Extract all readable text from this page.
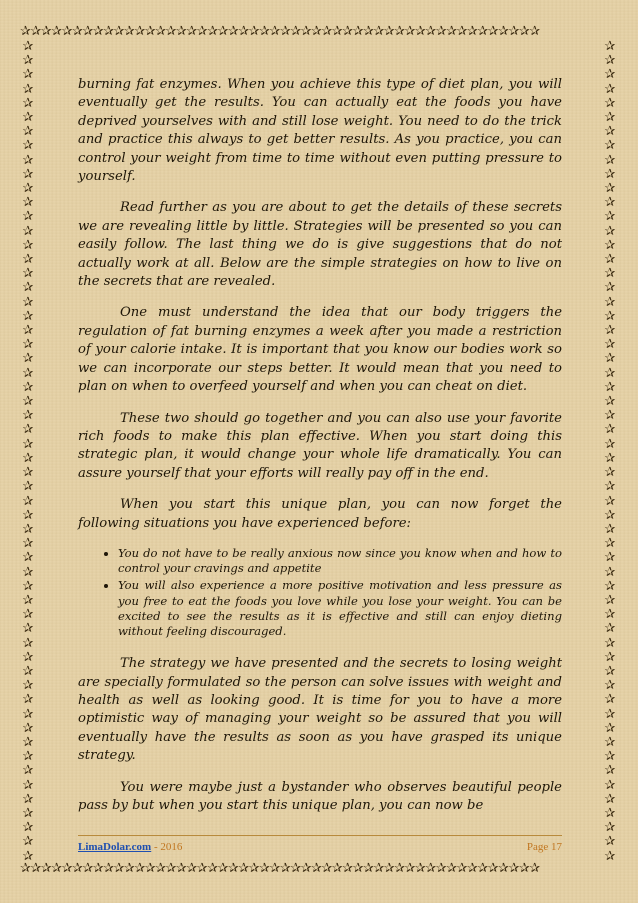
✰✰✰✰✰✰✰✰✰✰✰✰✰✰✰✰✰✰✰✰✰✰✰✰✰✰✰✰✰✰✰✰✰✰✰✰✰✰✰✰✰✰✰✰✰✰✰✰✰✰
✰
✰
✰
✰
✰
✰
✰
✰
✰
✰
✰
✰
✰
✰
✰
✰
✰
✰
✰
✰
✰
✰
✰
✰
✰
✰
✰
✰
✰
✰
✰
✰
✰
✰
✰
✰
✰
✰
✰
✰
✰
✰
✰
✰
✰
✰
✰
✰
✰
✰
✰
✰
✰
✰
✰
✰
✰
✰

✰
✰
✰
✰
✰
✰
✰
✰
✰
✰
✰
✰
✰
✰
✰
✰
✰
✰
✰
✰
✰
✰
✰
✰
✰
✰
✰
✰
✰
✰
✰
✰
✰
✰
✰
✰
✰
✰
✰
✰
✰
✰
✰
✰
✰
✰
✰
✰
✰
✰
✰
✰
✰
✰
✰
✰
✰
✰

✰✰✰✰✰✰✰✰✰✰✰✰✰✰✰✰✰✰✰✰✰✰✰✰✰✰✰✰✰✰✰✰✰✰✰✰✰✰✰✰✰✰✰✰✰✰✰✰✰✰

burning fat enzymes. When you achieve this type of diet plan, you will eventually get the results. You can actually eat the foods you have deprived yourselves with and still lose weight. You need to do the trick and practice this always to get better results. As you practice, you can control your weight from time to time without even putting pressure to yourself.

Read further as you are about to get the details of these secrets we are revealing little by little. Strategies will be presented so you can easily follow. The last thing we do is give suggestions that do not actually work at all. Below are the simple strategies on how to live on the secrets that are revealed.

One must understand the idea that our body triggers the regulation of fat burning enzymes a week after you made a restriction of your calorie intake. It is important that you know our bodies work so we can incorporate our steps better. It would mean that you need to plan on when to overfeed yourself and when you can cheat on diet.

These two should go together and you can also use your favorite rich foods to make this plan effective. When you start doing this strategic plan, it would change your whole life dramatically. You can assure yourself that your efforts will really pay off in the end.

When you start this unique plan, you can now forget the following situations you have experienced before:

• You do not have to be really anxious now since you know when and how to control your cravings and appetite
• You will also experience a more positive motivation and less pressure as you free to eat the foods you love while you lose your weight. You can be excited to see the results as it is effective and still can enjoy dieting without feeling discouraged.

The strategy we have presented and the secrets to losing weight are specially formulated so the person can solve issues with weight and health as well as looking good. It is time for you to have a more optimistic way of managing your weight so be assured that you will eventually have the results as soon as you have grasped its unique strategy.

You were maybe just a bystander who observes beautiful people pass by but when you start this unique plan, you can now be

LimaDolar.com - 2016	Page 17
